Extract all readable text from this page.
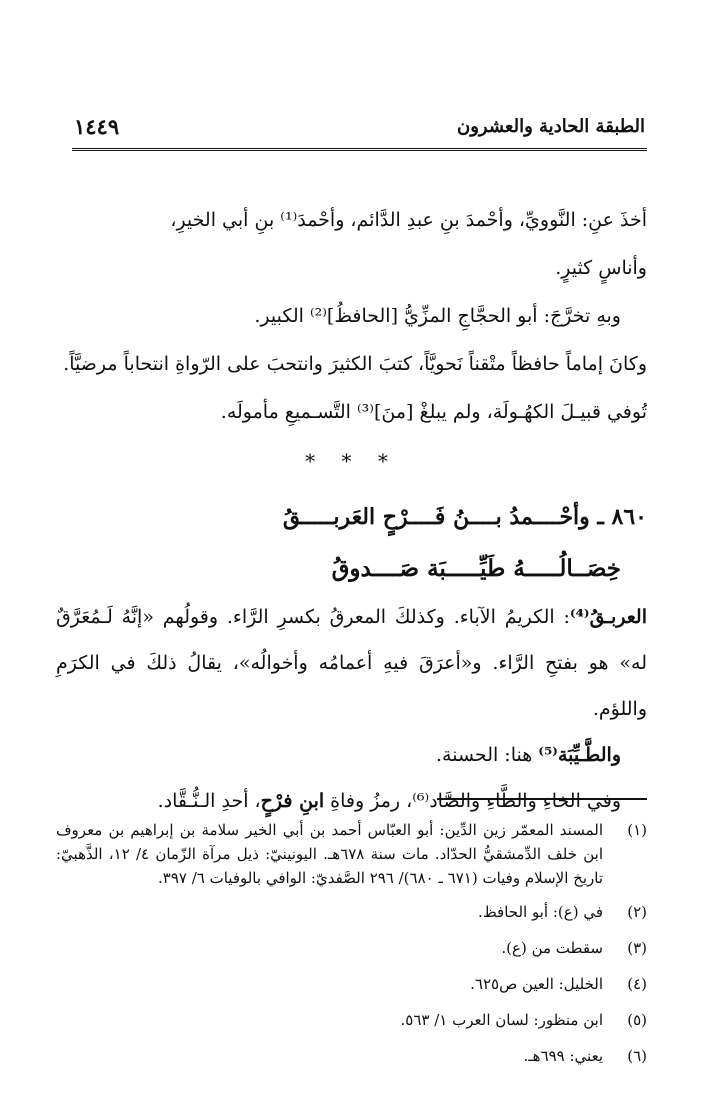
الطبقة الحادية والعشرون
١٤٤٩
أخذَ عنِ: النَّوويِّ، وأحْمدَ بنِ عبدِ الدَّائم، وأحْمدَ⁽¹⁾ بنِ أبي الخيرِ،
وأناسٍ كثيرٍ.
وبهِ تخرَّجَ: أبو الحجَّاجِ المزِّيُّ [الحافظُ]⁽²⁾ الكبير.
وكانَ إماماً حافظاً متْقناً نَحويَّاً، كتبَ الكثيرَ وانتحبَ على الرّواةِ انتحاباً مرضيَّاً.
تُوفي قبيـلَ الكهُـولَة، ولم يبلغْ [منَ]⁽³⁾ التَّسـميعِ مأمولَه.
* * *
٨٦٠ ـ وأحْــــمدُ بــــنُ فَــــرْحٍ العَربـــــقُ
خِصَــالُـــــهُ طَيِّـــــبَة صَــــدوقُ
العربـقُ⁽⁴⁾: الكريمُ الآباء. وكذلكَ المعرقُ بكسرِ الرَّاء. وقولُهم «إنَّهُ لَـمُعَرَّقٌ له» هو بفتحِ الرَّاء. و«أعرَقَ فيهِ أعمامُه وأخوالُه»، يقالُ ذلكَ في الكرَمِ واللؤم.
والطَّـيِّبَة⁽⁵⁾ هنا: الحسنة.
وفي الخاءِ والطَّاءِ والصَّاد⁽⁶⁾، رمزُ وفاةِ ابنِ فرْحٍ، أحدِ الـنُّـقَّاد.
(١)
المسند المعمّر زين الدِّين: أبو العبّاس أحمد بن أبي الخير سلامة بن إبراهيم بن معروف ابن خلف الدِّمشقيُّ الحدّاد. مات سنة ٦٧٨هـ. اليونينيّ: ذيل مرآة الزّمان ٤/ ١٢، الذَّهبيّ: تاريخ الإسلام وفيات (٦٧١ ـ ٦٨٠)/ ٢٩٦ الصَّفديّ: الوافي بالوفيات ٦/ ٣٩٧.
(٢)
في (ع): أبو الحافظ.
(٣)
سقطت من (ع).
(٤)
الخليل: العين ص٦٢٥.
(٥)
ابن منظور: لسان العرب ١/ ٥٦٣.
(٦)
يعني: ٦٩٩هـ.
